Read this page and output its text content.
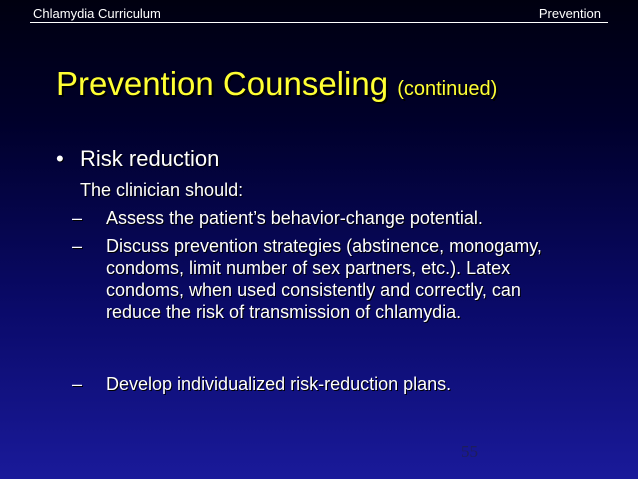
Chlamydia Curriculum	Prevention
Prevention Counseling (continued)
• Risk reduction
The clinician should:
–	Assess the patient’s behavior-change potential.
–	Discuss prevention strategies (abstinence, monogamy, condoms, limit number of sex partners, etc.). Latex condoms, when used consistently and correctly, can reduce the risk of transmission of chlamydia.
–	Develop individualized risk-reduction plans.
55
